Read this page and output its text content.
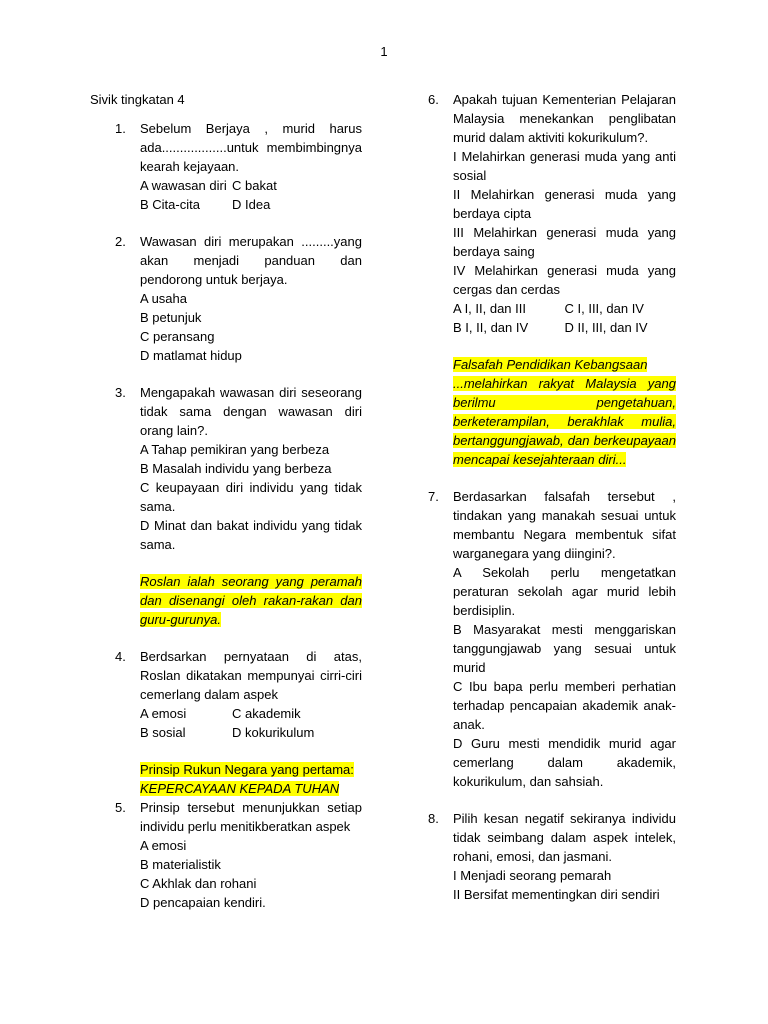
1
Sivik tingkatan 4
1. Sebelum Berjaya , murid harus ada..................untuk membimbingnya kearah kejayaan.
A wawasan diri C bakat
B Cita-cita	D Idea
2. Wawasan diri merupakan .........yang akan menjadi panduan dan pendorong untuk berjaya.
A usaha
B petunjuk
C peransang
D matlamat hidup
3. Mengapakah wawasan diri seseorang tidak sama dengan wawasan diri orang lain?.
A Tahap pemikiran yang berbeza
B Masalah individu yang berbeza
C keupayaan diri individu yang tidak sama.
D Minat dan bakat individu yang tidak sama.
Roslan ialah seorang yang peramah dan disenangi oleh rakan-rakan dan guru-gurunya.
4. Berdsarkan pernyataan di atas, Roslan dikatakan mempunyai cirri-ciri cemerlang dalam aspek
A emosi	C akademik
B sosial	D kokurikulum
Prinsip Rukun Negara yang pertama:
KEPERCAYAAN KEPADA TUHAN
5. Prinsip tersebut menunjukkan setiap individu perlu menitikberatkan aspek
A emosi
B materialistik
C Akhlak dan rohani
D pencapaian kendiri.
6. Apakah tujuan Kementerian Pelajaran Malaysia menekankan penglibatan murid dalam aktiviti kokurikulum?.
I Melahirkan generasi muda yang anti sosial
II Melahirkan generasi muda yang berdaya cipta
III Melahirkan generasi muda yang berdaya saing
IV Melahirkan generasi muda yang cergas dan cerdas
A I, II, dan III	C I, III, dan IV
B I, II, dan IV	D II, III, dan IV
Falsafah Pendidikan Kebangsaan
...melahirkan rakyat Malaysia yang berilmu pengetahuan, berketerampilan, berakhlak mulia, bertanggungjawab, dan berkeupayaan mencapai kesejahteraan diri...
7. Berdasarkan falsafah tersebut , tindakan yang manakah sesuai untuk membantu Negara membentuk sifat warganegara yang diingini?.
A Sekolah perlu mengetatkan peraturan sekolah agar murid lebih berdisiplin.
B Masyarakat mesti menggariskan tanggungjawab yang sesuai untuk murid
C Ibu bapa perlu memberi perhatian terhadap pencapaian akademik anak-anak.
D Guru mesti mendidik murid agar cemerlang dalam akademik, kokurikulum, dan sahsiah.
8. Pilih kesan negatif sekiranya individu tidak seimbang dalam aspek intelek, rohani, emosi, dan jasmani.
I Menjadi seorang pemarah
II Bersifat mementingkan diri sendiri
